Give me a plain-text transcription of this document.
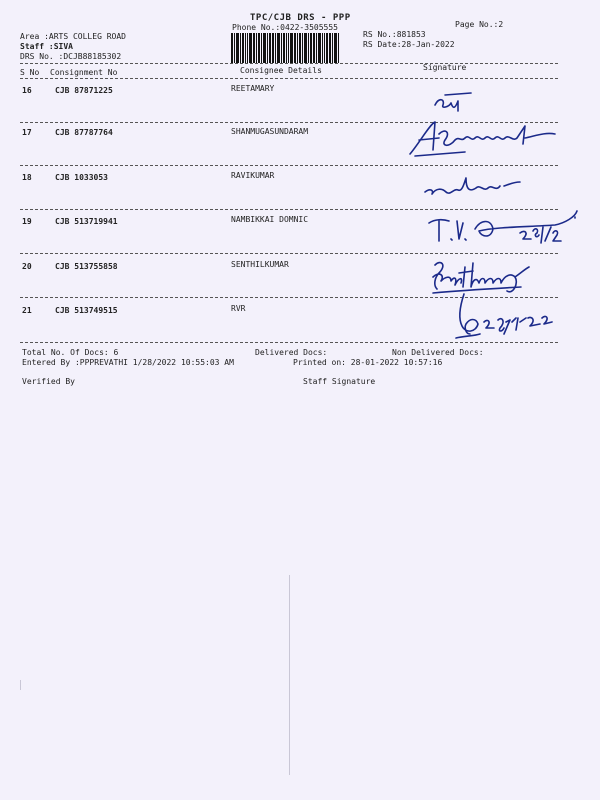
TPC/CJB DRS - PPP
Phone No.:0422-3505555	Page No.:2
Area :ARTS COLLEG ROAD
Staff :SIVA
DRS No. :DCJB88185302
RS No.:881853
RS Date:28-Jan-2022
S No Consignment No	Consignee Details	Signature
16	CJB 87871225	REETAMARY
17	CJB 87787764	SHANMUGASUNDARAM
18	CJB 1033053	RAVIKUMAR
19	CJB 513719941	NAMBIKKAI DOMNIC
20	CJB 513755858	SENTHILKUMAR
21	CJB 513749515	RVR
Total No. Of Docs: 6	Delivered Docs:	Non Delivered Docs:
Entered By :PPPREVATHI 1/28/2022 10:55:03 AM	Printed on: 28-01-2022 10:57:16
Verified By	Staff Signature
